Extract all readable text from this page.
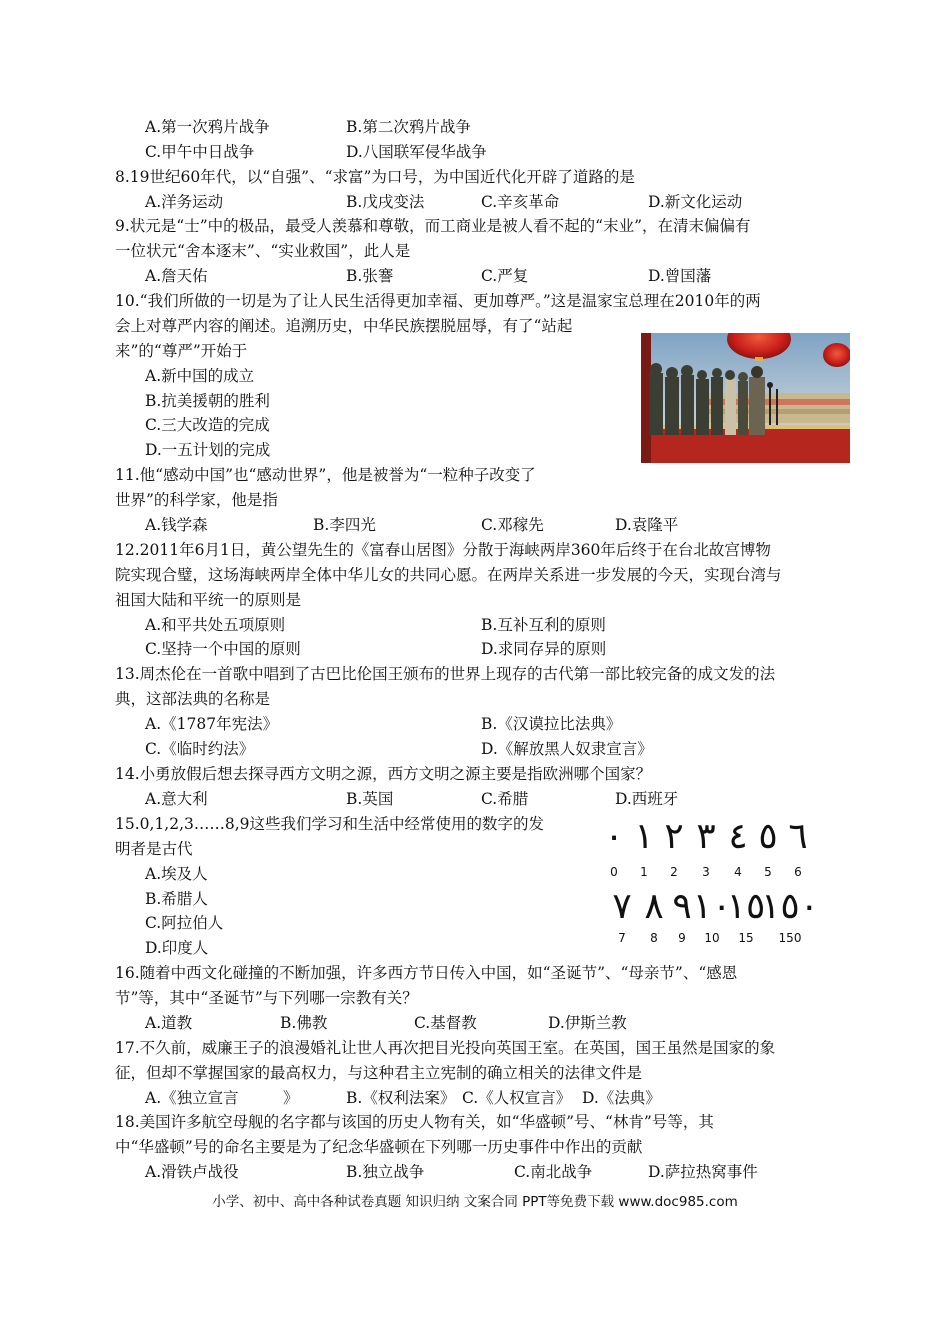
A.第一次鸦片战争	B.第二次鸦片战争
C.甲午中日战争	D.八国联军侵华战争
8.19世纪60年代，以“自强”、“求富”为口号，为中国近代化开辟了道路的是
A.洋务运动	B.戊戌变法	C.辛亥革命	D.新文化运动
9.状元是“士”中的极品，最受人羡慕和尊敬，而工商业是被人看不起的“末业”，在清末偏偏有
一位状元“舍本逐末”、“实业救国”，此人是
A.詹天佑	B.张謇	C.严复	D.曾国藩
10.“我们所做的一切是为了让人民生活得更加幸福、更加尊严。”这是温家宝总理在2010年的两
会上对尊严内容的阐述。追溯历史，中华民族摆脱屈辱，有了“站起
来”的“尊严”开始于
A.新中国的成立
B.抗美援朝的胜利
C.三大改造的完成
D.一五计划的完成
11.他“感动中国”也“感动世界”，他是被誉为“一粒种子改变了
世界”的科学家，他是指
A.钱学森	B.李四光	C.邓稼先	D.袁隆平
12.2011年6月1日，黄公望先生的《富春山居图》分散于海峡两岸360年后终于在台北故宫博物
院实现合璧，这场海峡两岸全体中华儿女的共同心愿。在两岸关系进一步发展的今天，实现台湾与
祖国大陆和平统一的原则是
A.和平共处五项原则	B.互补互利的原则
C.坚持一个中国的原则	D.求同存异的原则
13.周杰伦在一首歌中唱到了古巴比伦国王颁布的世界上现存的古代第一部比较完备的成文发的法
典，这部法典的名称是
A.《1787年宪法》	B.《汉谟拉比法典》
C.《临时约法》	D.《解放黑人奴隶宣言》
14.小勇放假后想去探寻西方文明之源，西方文明之源主要是指欧洲哪个国家？
A.意大利	B.英国	C.希腊	D.西班牙
15.0,1,2,3……8,9这些我们学习和生活中经常使用的数字的发
明者是古代
A.埃及人
B.希腊人
C.阿拉伯人
D.印度人
٠ ١ ٢ ٣ ٤ ٥ ٦
0 1 2 3 4 5 6
٧ ٨ ٩ ١٠
١٥
١٥٠
7 8 9 10 15 150
16.随着中西文化碰撞的不断加强，许多西方节日传入中国，如“圣诞节”、“母亲节”、“感恩
节”等，其中“圣诞节”与下列哪一宗教有关？
A.道教	B.佛教	C.基督教	D.伊斯兰教
17.不久前，威廉王子的浪漫婚礼让世人再次把目光投向英国王室。在英国，国王虽然是国家的象
征，但却不掌握国家的最高权力，与这种君主立宪制的确立相关的法律文件是
A.《独立宣言	》	B.《权利法案》 C.《人权宣言》 D.《法典》
18.美国许多航空母舰的名字都与该国的历史人物有关，如“华盛顿”号、“林肯”号等，其
中“华盛顿”号的命名主要是为了纪念华盛顿在下列哪一历史事件中作出的贡献
A.滑铁卢战役	B.独立战争	C.南北战争	D.萨拉热窝事件
小学、初中、高中各种试卷真题 知识归纳 文案合同 PPT等免费下载 www.doc985.com
